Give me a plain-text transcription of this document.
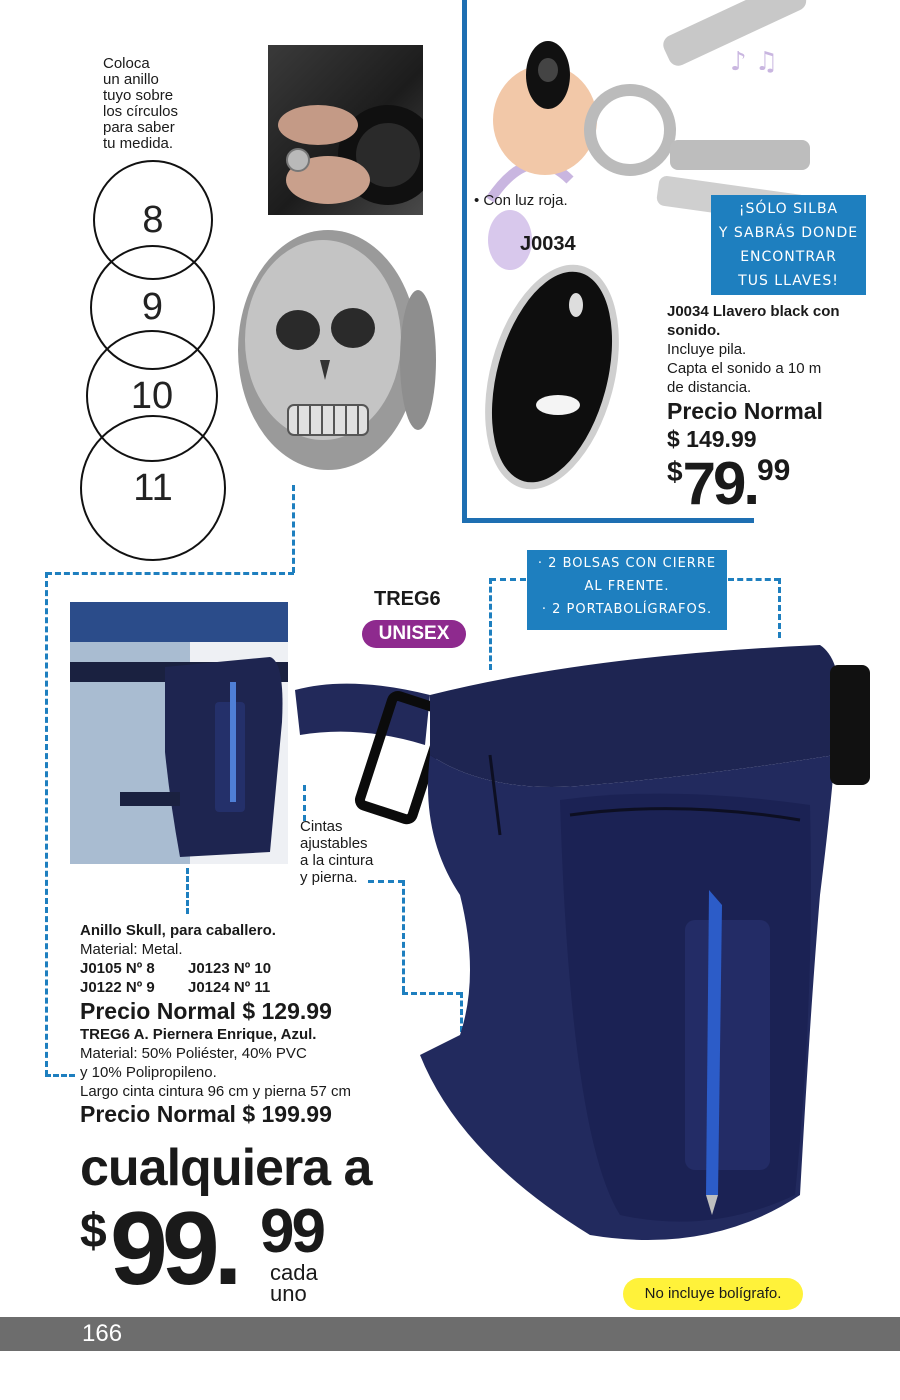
Coloca
un anillo
tuyo sobre
los círculos
para saber
tu medida.
8
9
10
11
♪ ♫
• Con luz roja.
J0034
¡SÓLO SILBA
Y SABRÁS DONDE
ENCONTRAR
TUS LLAVES!
J0034 Llavero black con sonido.
Incluye pila.
Capta el sonido a 10 m
de distancia.
Precio Normal
$ 149.99
$79.99
TREG6
UNISEX
· 2 BOLSAS CON CIERRE
AL FRENTE.
· 2 PORTABOLÍGRAFOS.
Cintas
ajustables
a la cintura
y pierna.
No incluye bolígrafo.
Anillo Skull, para caballero.
Material: Metal.
J0105 Nº 8 J0123 Nº 10
J0122 Nº 9 J0124 Nº 11
Precio Normal $ 129.99
TREG6 A. Piernera Enrique, Azul.
Material: 50% Poliéster, 40% PVC
y 10% Polipropileno.
Largo cinta cintura 96 cm y pierna 57 cm
Precio Normal $ 199.99
cualquiera a
$ 99. 99
cada
uno
166
